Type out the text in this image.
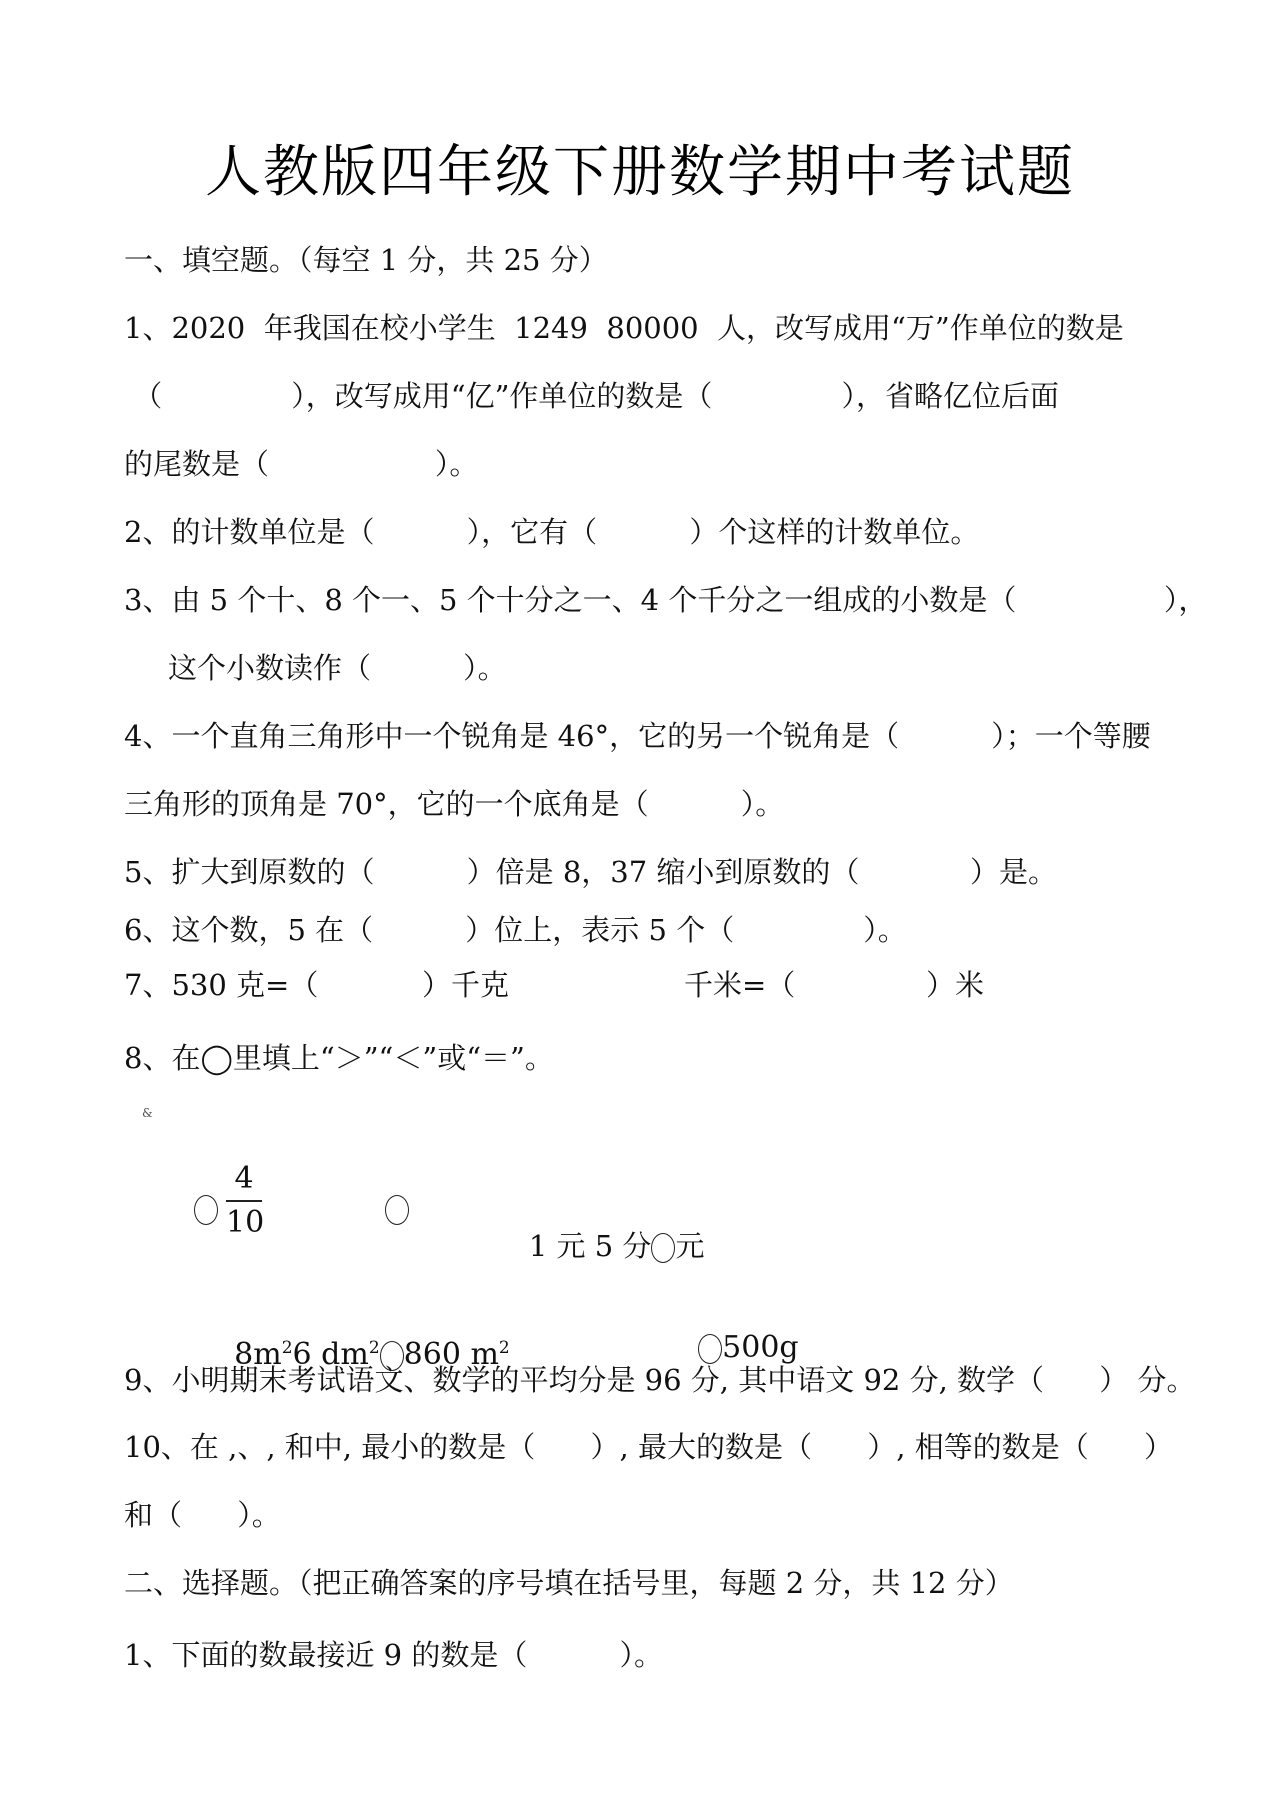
人教版四年级下册数学期中考试题
一、填空题。（每空 1 分，共 25 分）
1、2020  年我国在校小学生  1249  80000  人，改写成用“万”作单位的数是
（              ），改写成用“亿”作单位的数是（              ），省略亿位后面
的尾数是（                  ）。
2、的计数单位是（          ），它有（          ）个这样的计数单位。
3、由 5 个十、8 个一、5 个十分之一、4 个千分之一组成的小数是（                ），
这个小数读作（          ）。
4、一个直角三角形中一个锐角是 46°，它的另一个锐角是（          ）；一个等腰
三角形的顶角是 70°，它的一个底角是（          ）。
5、扩大到原数的（          ）倍是 8，37 缩小到原数的（            ）是。
6、这个数，5 在（          ）位上，表示 5 个（              ）。
7、530 克=（	）千克	千米=（	）米
8、在◯里填上“＞”“＜”或“＝”。
&
4
10

1 元 5 分 元

$8m^26$ $dm^2$ 860 $m^2$
	500g

9、小明期末考试语文、数学的平均分是 96 分, 其中语文 92 分, 数学（      ） 分。
10、在 ,、, 和中, 最小的数是（      ）, 最大的数是（      ）, 相等的数是（      ）
和（      ）。
二、选择题。（把正确答案的序号填在括号里，每题 2 分，共 12 分）
1、下面的数最接近 9 的数是（          ）。
